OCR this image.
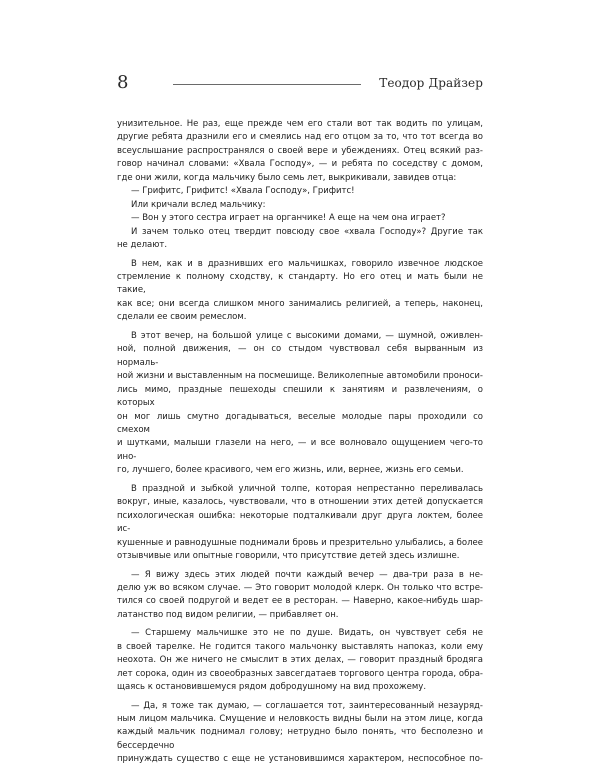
8	Теодор Драйзер

унизительное. Не раз, еще прежде чем его стали вот так водить по улицам,

другие ребята дразнили его и смеялись над его отцом за то, что тот всегда во

всеуслышание распространялся о своей вере и убеждениях. Отец всякий раз-

говор начинал словами: «Хвала Господу», — и ребята по соседству с домом,

где они жили, когда мальчику было семь лет, выкрикивали, завидев отца:

— Грифитс, Грифитс! «Хвала Господу», Грифитс!

Или кричали вслед мальчику:

— Вон у этого сестра играет на органчике! А еще на чем она играет?

И зачем только отец твердит повсюду свое «хвала Господу»? Другие так

не делают.

В нем, как и в дразнивших его мальчишках, говорило извечное людское

стремление к полному сходству, к стандарту. Но его отец и мать были не такие,

как все; они всегда слишком много занимались религией, а теперь, наконец,

сделали ее своим ремеслом.

В этот вечер, на большой улице с высокими домами, — шумной, оживлен-

ной, полной движения, — он со стыдом чувствовал себя вырванным из нормаль-

ной жизни и выставленным на посмешище. Великолепные автомобили проноси-

лись мимо, праздные пешеходы спешили к занятиям и развлечениям, о которых

он мог лишь смутно догадываться, веселые молодые пары проходили со смехом

и шутками, малыши глазели на него, — и все волновало ощущением чего-то ино-

го, лучшего, более красивого, чем его жизнь, или, вернее, жизнь его семьи.

В праздной и зыбкой уличной толпе, которая непрестанно переливалась

вокруг, иные, казалось, чувствовали, что в отношении этих детей допускается

психологическая ошибка: некоторые подталкивали друг друга локтем, более ис-

кушенные и равнодушные поднимали бровь и презрительно улыбались, а более

отзывчивые или опытные говорили, что присутствие детей здесь излишне.

— Я вижу здесь этих людей почти каждый вечер — два-три раза в не-

делю уж во всяком случае. — Это говорит молодой клерк. Он только что встре-

тился со своей подругой и ведет ее в ресторан. — Наверно, какое-нибудь шар-

латанство под видом религии, — прибавляет он.

— Старшему мальчишке это не по душе. Видать, он чувствует себя не

в своей тарелке. Не годится такого мальчонку выставлять напоказ, коли ему

неохота. Он же ничего не смыслит в этих делах, — говорит праздный бродяга

лет сорока, один из своеобразных завсегдатаев торгового центра города, обра-

щаясь к остановившемуся рядом добродушному на вид прохожему.

— Да, я тоже так думаю, — соглашается тот, заинтересованный незауряд-

ным лицом мальчика. Смущение и неловкость видны были на этом лице, когда

каждый мальчик поднимал голову; нетрудно было понять, что бесполезно и бессердечно

принуждать существо с еще не установившимся характером, неспособное по-
